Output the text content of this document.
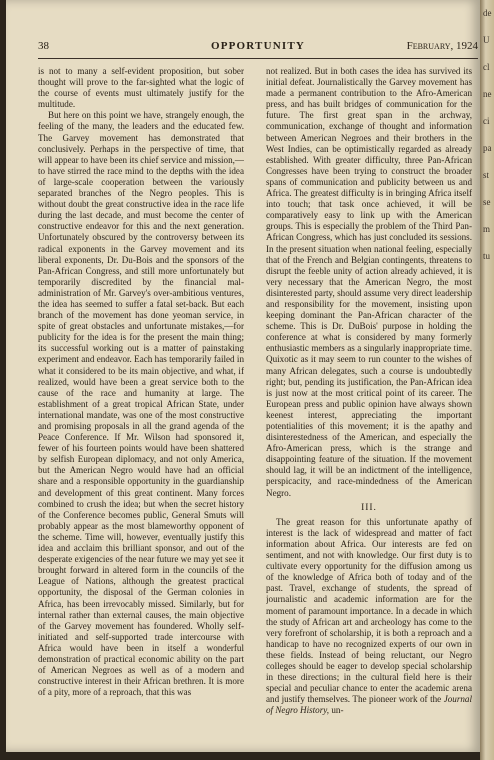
38	OPPORTUNITY	February, 1924

is not to many a self-evident proposition, but sober thought will prove to the far-sighted what the logic of the course of events must ultimately justify for the multitude.

But here on this point we have, strangely enough, the feeling of the many, the leaders and the educated few. The Garvey movement has demonstrated that conclusively. Perhaps in the perspective of time, that will appear to have been its chief service and mission,—to have stirred the race mind to the depths with the idea of large-scale cooperation between the variously separated branches of the Negro peoples. This is without doubt the great constructive idea in the race life during the last decade, and must become the center of constructive endeavor for this and the next generation. Unfortunately obscured by the controversy between its radical exponents in the Garvey movement and its liberal exponents, Dr. Du-Bois and the sponsors of the Pan-African Congress, and still more unfortunately but temporarily discredited by the financial mal-administration of Mr. Garvey's over-ambitious ventures, the idea has seemed to suffer a fatal set-back. But each branch of the movement has done yeoman service, in spite of great obstacles and unfortunate mistakes,—for publicity for the idea is for the present the main thing; its successful working out is a matter of painstaking experiment and endeavor. Each has temporarily failed in what it considered to be its main objective, and what, if realized, would have been a great service both to the cause of the race and humanity at large. The establishment of a great tropical African State, under international mandate, was one of the most constructive and promising proposals in all the grand agenda of the Peace Conference. If Mr. Wilson had sponsored it, fewer of his fourteen points would have been shattered by selfish European diplomacy, and not only America, but the American Negro would have had an official share and a responsible opportunity in the guardianship and development of this great continent. Many forces combined to crush the idea; but when the secret history of the Conference becomes public, General Smuts will probably appear as the most blameworthy opponent of the scheme. Time will, however, eventually justify this idea and acclaim this brilliant sponsor, and out of the desperate exigencies of the near future we may yet see it brought forward in altered form in the councils of the League of Nations, although the greatest practical opportunity, the disposal of the German colonies in Africa, has been irrevocably missed. Similarly, but for internal rather than external causes, the main objective of the Garvey movement has foundered. Wholly self-initiated and self-supported trade intercourse with Africa would have been in itself a wonderful demonstration of practical economic ability on the part of American Negroes as well as of a modern and constructive interest in their African brethren. It is more of a pity, more of a reproach, that this was

not realized. But in both cases the idea has survived its initial defeat. Journalistically the Garvey movement has made a permanent contribution to the Afro-American press, and has built bridges of communication for the future. The first great span in the archway, communication, exchange of thought and information between American Negroes and their brothers in the West Indies, can be optimistically regarded as already established. With greater difficulty, three Pan-African Congresses have been trying to construct the broader spans of communication and publicity between us and Africa. The greatest difficulty is in bringing Africa itself into touch; that task once achieved, it will be comparatively easy to link up with the American groups. This is especially the problem of the Third Pan-African Congress, which has just concluded its sessions. In the present situation when national feeling, especially that of the French and Belgian contingents, threatens to disrupt the feeble unity of action already achieved, it is very necessary that the American Negro, the most disinterested party, should assume very direct leadership and responsibility for the movement, insisting upon keeping dominant the Pan-African character of the scheme. This is Dr. DuBois' purpose in holding the conference at what is considered by many formerly enthusiastic members as a singularly inappropriate time. Quixotic as it may seem to run counter to the wishes of many African delegates, such a course is undoubtedly right; but, pending its justification, the Pan-African idea is just now at the most critical point of its career. The European press and public opinion have always shown keenest interest, appreciating the important potentialities of this movement; it is the apathy and disinterestedness of the American, and especially the Afro-American press, which is the strange and disappointing feature of the situation. If the movement should lag, it will be an indictment of the intelligence, perspicacity, and race-mindedness of the American Negro.

III.

The great reason for this unfortunate apathy of interest is the lack of widespread and matter of fact information about Africa. Our interests are fed on sentiment, and not with knowledge. Our first duty is to cultivate every opportunity for the diffusion among us of the knowledge of Africa both of today and of the past. Travel, exchange of students, the spread of journalistic and academic information are for the moment of paramount importance. In a decade in which the study of African art and archeology has come to the very forefront of scholarship, it is both a reproach and a handicap to have no recognized experts of our own in these fields. Instead of being reluctant, our Negro colleges should be eager to develop special scholarship in these directions; in the cultural field here is their special and peculiar chance to enter the academic arena and justify themselves. The pioneer work of the Journal of Negro History, un-

de
U
cl
ne
ci
pa
st
se
m
tu
